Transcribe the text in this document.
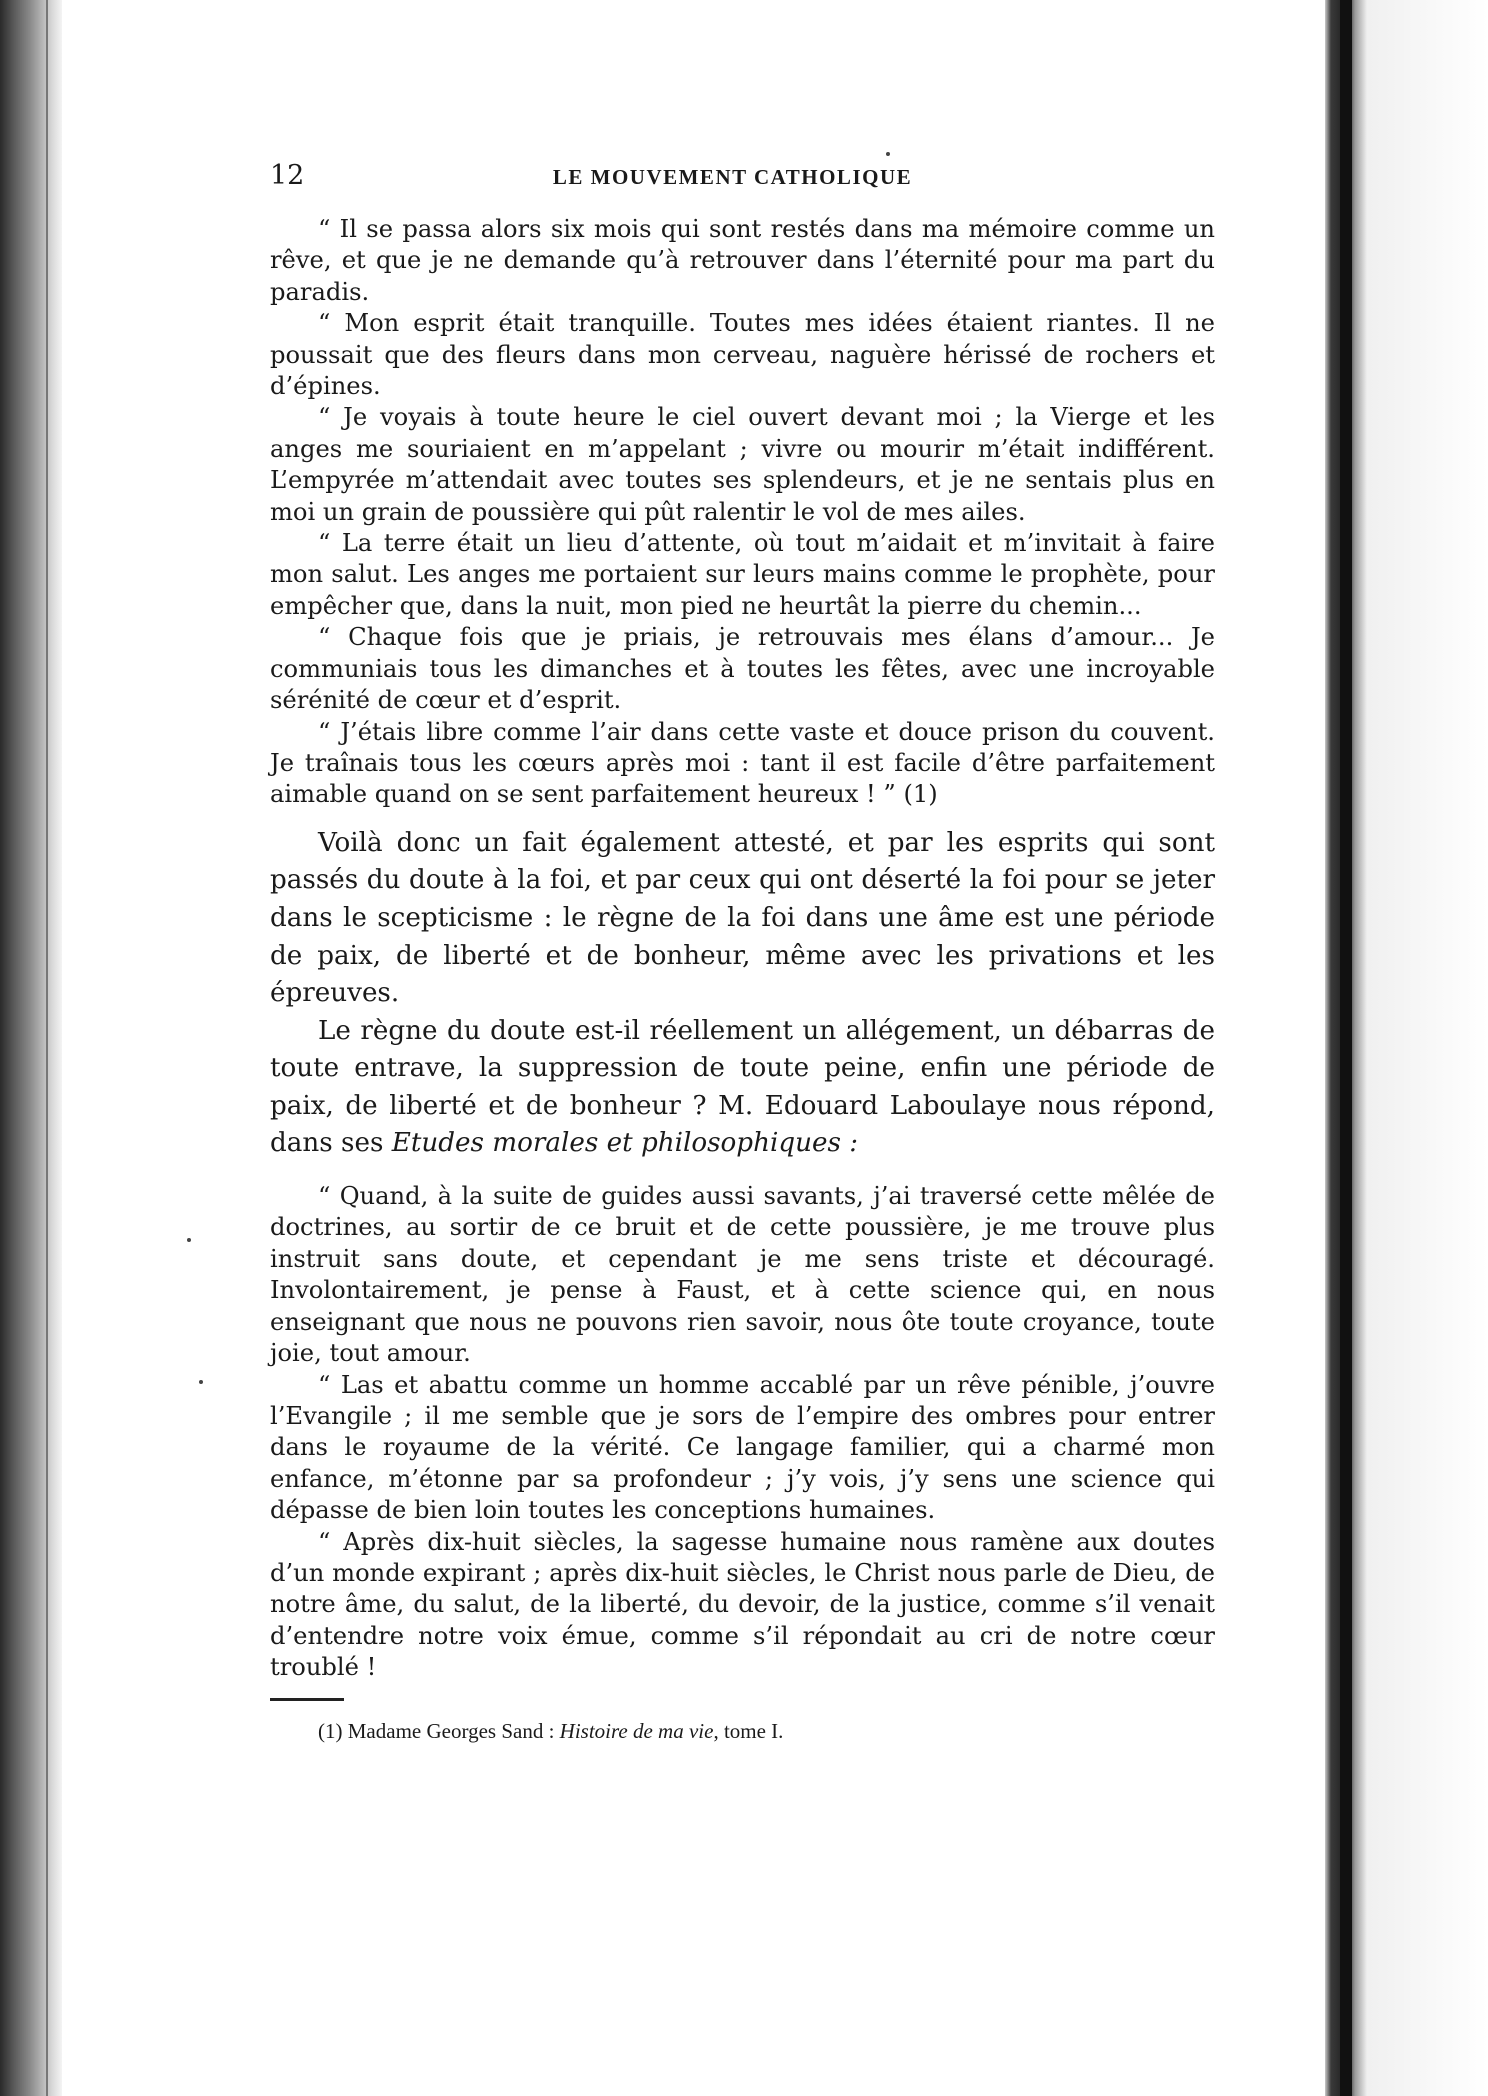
12	LE MOUVEMENT CATHOLIQUE

“ Il se passa alors six mois qui sont restés dans ma mémoire comme un rêve, et que je ne demande qu’à retrouver dans l’éternité pour ma part du paradis.

“ Mon esprit était tranquille. Toutes mes idées étaient riantes. Il ne poussait que des fleurs dans mon cerveau, naguère hérissé de rochers et d’épines.

“ Je voyais à toute heure le ciel ouvert devant moi ; la Vierge et les anges me souriaient en m’appelant ; vivre ou mourir m’était indifférent. L’empyrée m’attendait avec toutes ses splendeurs, et je ne sentais plus en moi un grain de poussière qui pût ralentir le vol de mes ailes.

“ La terre était un lieu d’attente, où tout m’aidait et m’invitait à faire mon salut. Les anges me portaient sur leurs mains comme le prophète, pour empêcher que, dans la nuit, mon pied ne heurtât la pierre du chemin...

“ Chaque fois que je priais, je retrouvais mes élans d’amour... Je communiais tous les dimanches et à toutes les fêtes, avec une incroyable sérénité de cœur et d’esprit.

“ J’étais libre comme l’air dans cette vaste et douce prison du couvent. Je traînais tous les cœurs après moi : tant il est facile d’être parfaitement aimable quand on se sent parfaitement heureux ! ” (1)

Voilà donc un fait également attesté, et par les esprits qui sont passés du doute à la foi, et par ceux qui ont déserté la foi pour se jeter dans le scepticisme : le règne de la foi dans une âme est une période de paix, de liberté et de bonheur, même avec les privations et les épreuves.

Le règne du doute est-il réellement un allégement, un débarras de toute entrave, la suppression de toute peine, enfin une période de paix, de liberté et de bonheur ? M. Edouard Laboulaye nous répond, dans ses Etudes morales et philosophiques :

“ Quand, à la suite de guides aussi savants, j’ai traversé cette mêlée de doctrines, au sortir de ce bruit et de cette poussière, je me trouve plus instruit sans doute, et cependant je me sens triste et découragé. Involontairement, je pense à Faust, et à cette science qui, en nous enseignant que nous ne pouvons rien savoir, nous ôte toute croyance, toute joie, tout amour.

“ Las et abattu comme un homme accablé par un rêve pénible, j’ouvre l’Evangile ; il me semble que je sors de l’empire des ombres pour entrer dans le royaume de la vérité. Ce langage familier, qui a charmé mon enfance, m’étonne par sa profondeur ; j’y vois, j’y sens une science qui dépasse de bien loin toutes les conceptions humaines.

“ Après dix-huit siècles, la sagesse humaine nous ramène aux doutes d’un monde expirant ; après dix-huit siècles, le Christ nous parle de Dieu, de notre âme, du salut, de la liberté, du devoir, de la justice, comme s’il venait d’entendre notre voix émue, comme s’il répondait au cri de notre cœur troublé !

(1) Madame Georges Sand : Histoire de ma vie, tome I.
